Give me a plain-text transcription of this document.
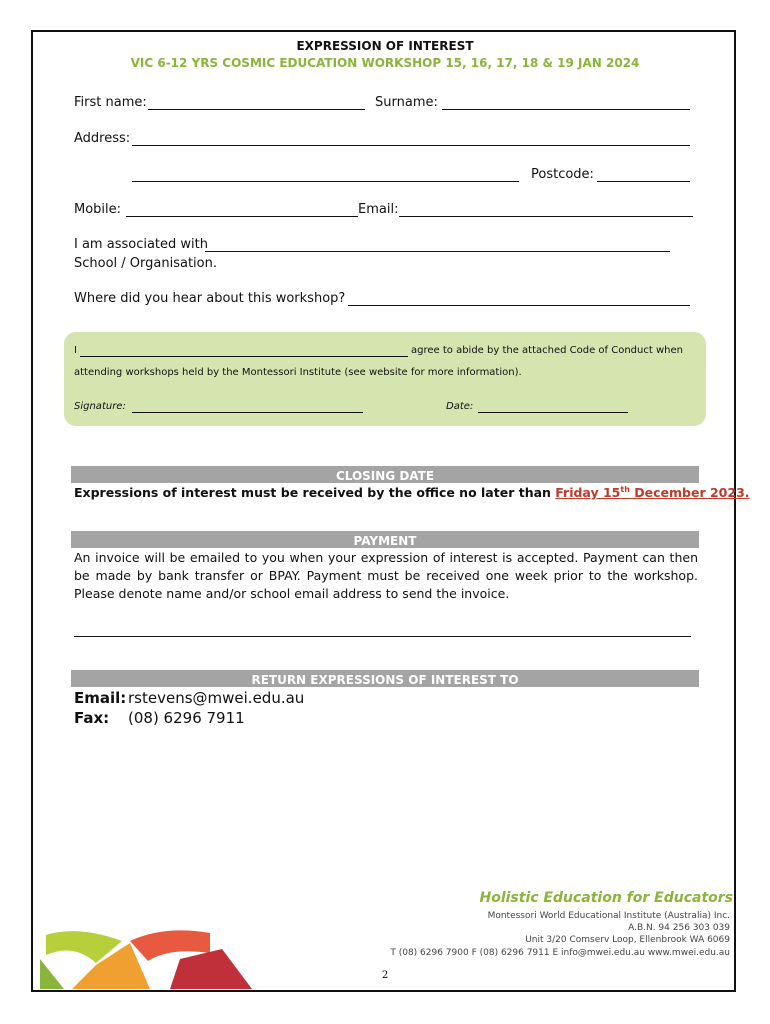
EXPRESSION OF INTEREST
VIC 6-12 YRS COSMIC EDUCATION WORKSHOP 15, 16, 17, 18 & 19 JAN 2024
First name:	Surname:
Address:
Postcode:
Mobile:	Email:
I am associated with
School / Organisation.
Where did you hear about this workshop?
I	agree to abide by the attached Code of Conduct when
attending workshops held by the Montessori Institute (see website for more information).
Signature:	Date:
CLOSING DATE
Expressions of interest must be received by the office no later than Friday 15th December 2023.
PAYMENT
An invoice will be emailed to you when your expression of interest is accepted. Payment can then be made by bank transfer or BPAY. Payment must be received one week prior to the workshop. Please denote name and/or school email address to send the invoice.
RETURN EXPRESSIONS OF INTEREST TO
Email: rstevens@mwei.edu.au
Fax: (08) 6296 7911
Holistic Education for Educators
Montessori World Educational Institute (Australia) Inc.
A.B.N. 94 256 303 039
Unit 3/20 Comserv Loop, Ellenbrook WA 6069
T (08) 6296 7900 F (08) 6296 7911 E info@mwei.edu.au www.mwei.edu.au
2
